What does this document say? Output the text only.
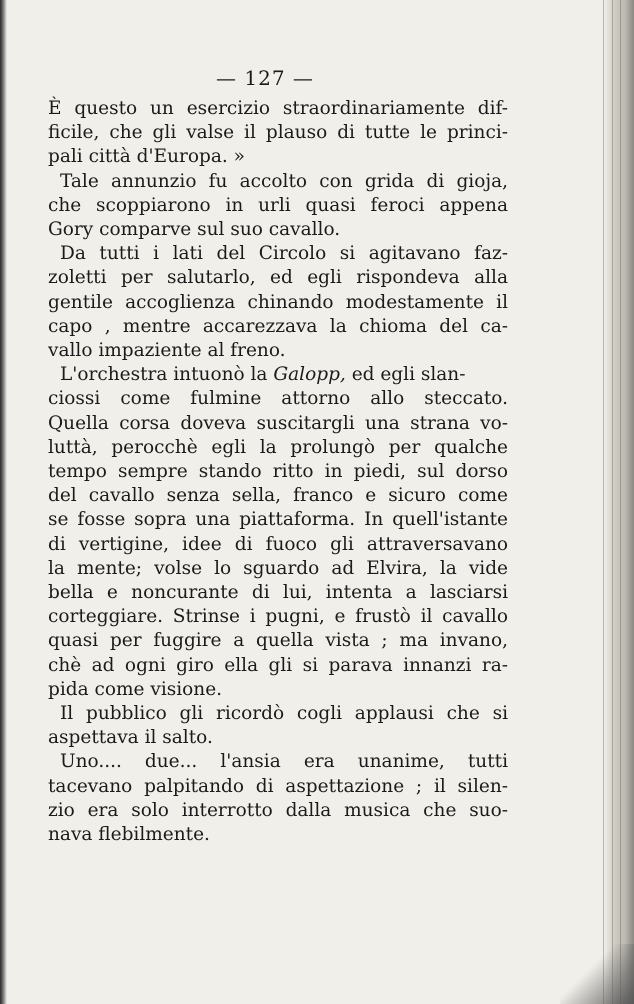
— 127 —
È questo un esercizio straordinariamente dif-
ficile, che gli valse il plauso di tutte le princi-
pali città d'Europa. »
Tale annunzio fu accolto con grida di gioja,
che scoppiarono in urli quasi feroci appena
Gory comparve sul suo cavallo.
Da tutti i lati del Circolo si agitavano faz-
zoletti per salutarlo, ed egli rispondeva alla
gentile accoglienza chinando modestamente il
capo , mentre accarezzava la chioma del ca-
vallo impaziente al freno.
L'orchestra intuonò la Galopp, ed egli slan-
ciossi come fulmine attorno allo steccato.
Quella corsa doveva suscitargli una strana vo-
luttà, perocchè egli la prolungò per qualche
tempo sempre stando ritto in piedi, sul dorso
del cavallo senza sella, franco e sicuro come
se fosse sopra una piattaforma. In quell'istante
di vertigine, idee di fuoco gli attraversavano
la mente; volse lo sguardo ad Elvira, la vide
bella e noncurante di lui, intenta a lasciarsi
corteggiare. Strinse i pugni, e frustò il cavallo
quasi per fuggire a quella vista ; ma invano,
chè ad ogni giro ella gli si parava innanzi ra-
pida come visione.
Il pubblico gli ricordò cogli applausi che si
aspettava il salto.
Uno.... due... l'ansia era unanime, tutti
tacevano palpitando di aspettazione ; il silen-
zio era solo interrotto dalla musica che suo-
nava flebilmente.
